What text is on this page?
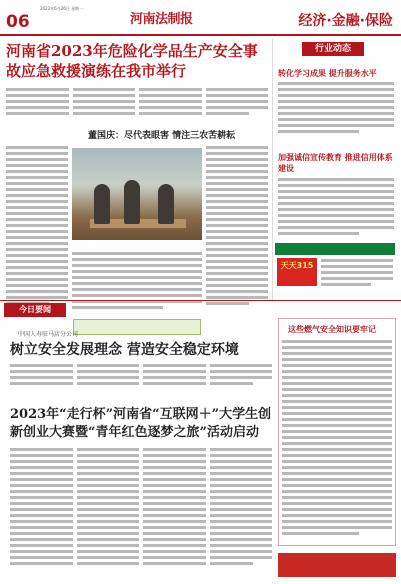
06
2023年6月26日 星期一
河南法制报	经济·金融·保险
河南省2023年危险化学品生产安全事故应急救援演练在我市举行
董国庆：尽代表眼害 情注三农苦耕耘
行业动态
转化学习成果 提升服务水平
加强诚信宣传教育 推进信用体系建设
天天315
今日要闻
中国人寿驻马店分公司
树立安全发展理念 营造安全稳定环境
2023年“走行杯”河南省“互联网＋”大学生创新创业大赛暨“青年红色逐梦之旅”活动启动
这些燃气安全知识要牢记
